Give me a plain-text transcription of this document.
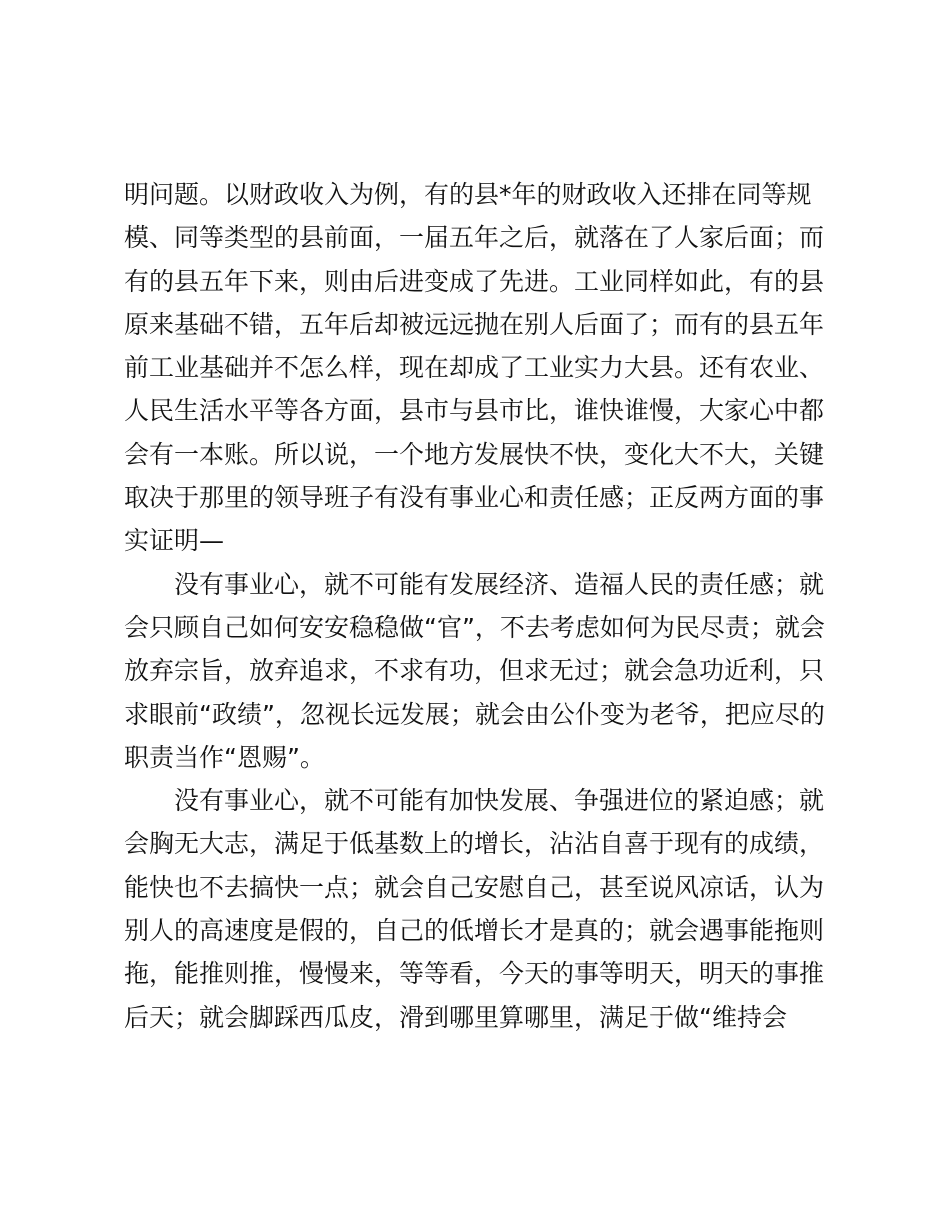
明问题。以财政收入为例，有的县*年的财政收入还排在同等规
模、同等类型的县前面，一届五年之后，就落在了人家后面；而
有的县五年下来，则由后进变成了先进。工业同样如此，有的县
原来基础不错，五年后却被远远抛在别人后面了；而有的县五年
前工业基础并不怎么样，现在却成了工业实力大县。还有农业、
人民生活水平等各方面，县市与县市比，谁快谁慢，大家心中都
会有一本账。所以说，一个地方发展快不快，变化大不大，关键
取决于那里的领导班子有没有事业心和责任感；正反两方面的事
实证明—
没有事业心，就不可能有发展经济、造福人民的责任感；就
会只顾自己如何安安稳稳做“官”，不去考虑如何为民尽责；就会
放弃宗旨，放弃追求，不求有功，但求无过；就会急功近利，只
求眼前“政绩”，忽视长远发展；就会由公仆变为老爷，把应尽的
职责当作“恩赐”。
没有事业心，就不可能有加快发展、争强进位的紧迫感；就
会胸无大志，满足于低基数上的增长，沾沾自喜于现有的成绩，
能快也不去搞快一点；就会自己安慰自己，甚至说风凉话，认为
别人的高速度是假的，自己的低增长才是真的；就会遇事能拖则
拖，能推则推，慢慢来，等等看，今天的事等明天，明天的事推
后天；就会脚踩西瓜皮，滑到哪里算哪里，满足于做“维持会
